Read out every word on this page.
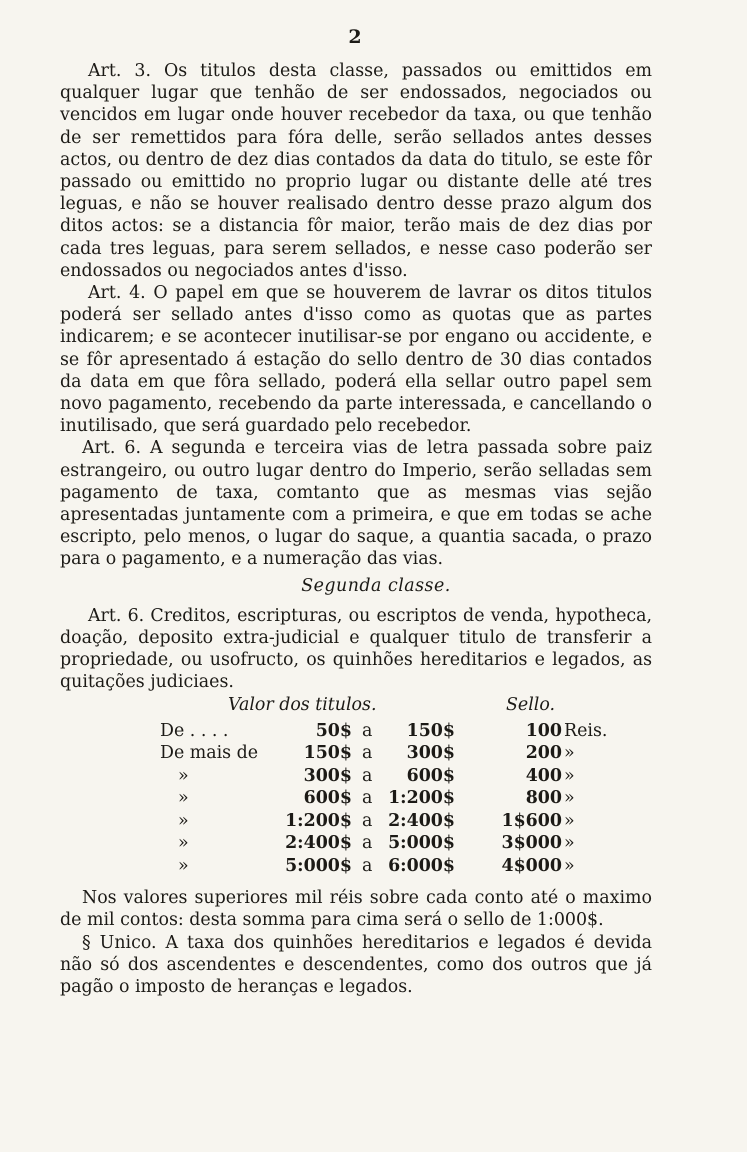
2

Art. 3. Os titulos desta classe, passados ou emittidos em qualquer lugar que tenhão de ser endossados, negociados ou vencidos em lugar onde houver recebedor da taxa, ou que tenhão de ser remettidos para fóra delle, serão sellados antes desses actos, ou dentro de dez dias contados da data do titulo, se este fôr passado ou emittido no proprio lugar ou distante delle até tres leguas, e não se houver realisado dentro desse prazo algum dos ditos actos: se a distancia fôr maior, terão mais de dez dias por cada tres leguas, para serem sellados, e nesse caso poderão ser endossados ou negociados antes d'isso.

Art. 4. O papel em que se houverem de lavrar os ditos titulos poderá ser sellado antes d'isso como as quotas que as partes indicarem; e se acontecer inutilisar-se por engano ou accidente, e se fôr apresentado á estação do sello dentro de 30 dias contados da data em que fôra sellado, poderá ella sellar outro papel sem novo pagamento, recebendo da parte interessada, e cancellando o inutilisado, que será guardado pelo recebedor.

Art. 6. A segunda e terceira vias de letra passada sobre paiz estrangeiro, ou outro lugar dentro do Imperio, serão selladas sem pagamento de taxa, comtanto que as mesmas vias sejão apresentadas juntamente com a primeira, e que em todas se ache escripto, pelo menos, o lugar do saque, a quantia sacada, o prazo para o pagamento, e a numeração das vias.

Segunda classe.

Art. 6. Creditos, escripturas, ou escriptos de venda, hypotheca, doação, deposito extra-judicial e qualquer titulo de transferir a propriedade, ou usofructo, os quinhões hereditarios e legados, as quitações judiciaes.

Valor dos titulos.	Sello.
De . . . .	50$ a 150$	100 Reis.
De mais de	150$ a 300$	200 »
»	300$ a 600$	400 »
»	600$ a 1:200$	800 »
»	1:200$ a 2:400$	1$600 »
»	2:400$ a 5:000$	3$000 »
»	5:000$ a 6:000$	4$000 »

Nos valores superiores mil réis sobre cada conto até o maximo de mil contos: desta somma para cima será o sello de 1:000$.

§ Unico. A taxa dos quinhões hereditarios e legados é devida não só dos ascendentes e descendentes, como dos outros que já pagão o imposto de heranças e legados.
